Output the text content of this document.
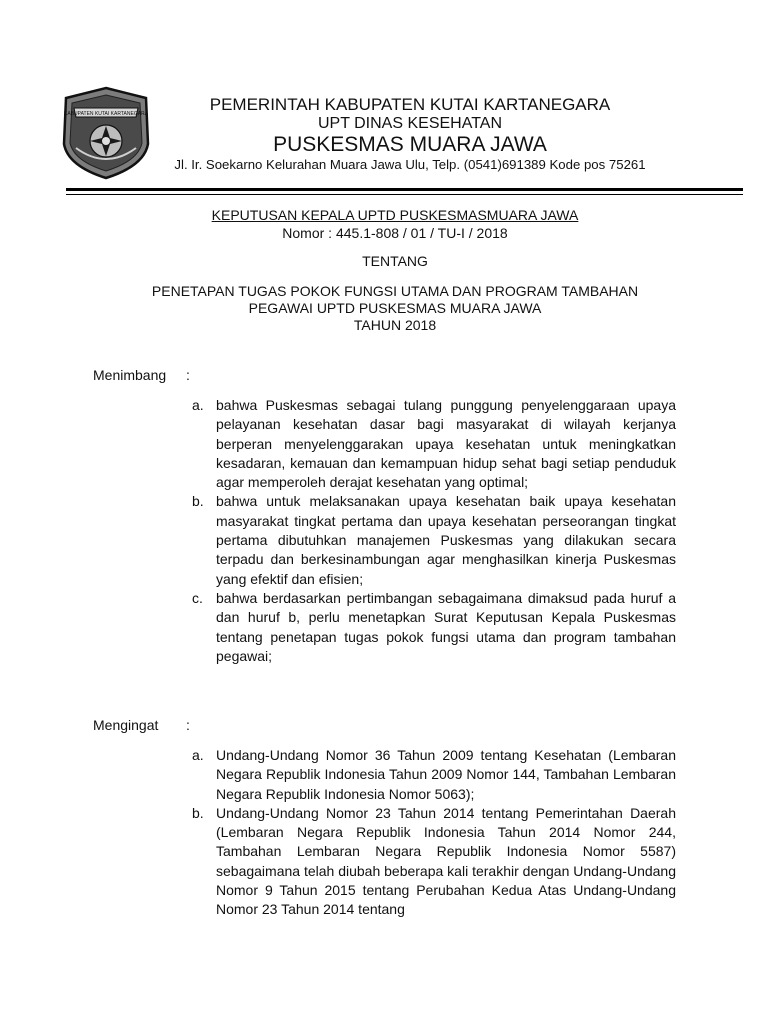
KABUPATEN KUTAI KARTANEGARA	PEMERINTAH KABUPATEN KUTAI KARTANEGARA
UPT DINAS KESEHATAN
PUSKESMAS MUARA JAWA
Jl. Ir. Soekarno Kelurahan Muara Jawa Ulu, Telp. (0541)691389 Kode pos 75261
KEPUTUSAN KEPALA UPTD PUSKESMASMUARA JAWA
Nomor : 445.1-808 / 01 / TU-I / 2018
TENTANG
PENETAPAN TUGAS POKOK FUNGSI UTAMA DAN PROGRAM TAMBAHAN
PEGAWAI UPTD PUSKESMAS MUARA JAWA
TAHUN 2018
Menimbang :
a. bahwa Puskesmas sebagai tulang punggung penyelenggaraan upaya pelayanan kesehatan dasar bagi masyarakat di wilayah kerjanya berperan menyelenggarakan upaya kesehatan untuk meningkatkan kesadaran, kemauan dan kemampuan hidup sehat bagi setiap penduduk agar memperoleh derajat kesehatan yang optimal;
b. bahwa untuk melaksanakan upaya kesehatan baik upaya kesehatan masyarakat tingkat pertama dan upaya kesehatan perseorangan tingkat pertama dibutuhkan manajemen Puskesmas yang dilakukan secara terpadu dan berkesinambungan agar menghasilkan kinerja Puskesmas yang efektif dan efisien;
c. bahwa berdasarkan pertimbangan sebagaimana dimaksud pada huruf a dan huruf b, perlu menetapkan Surat Keputusan Kepala Puskesmas tentang penetapan tugas pokok fungsi utama dan program tambahan pegawai;
Mengingat :
a. Undang-Undang Nomor 36 Tahun 2009 tentang Kesehatan (Lembaran Negara Republik Indonesia Tahun 2009 Nomor 144, Tambahan Lembaran Negara Republik Indonesia Nomor 5063);
b. Undang-Undang Nomor 23 Tahun 2014 tentang Pemerintahan Daerah (Lembaran Negara Republik Indonesia Tahun 2014 Nomor 244, Tambahan Lembaran Negara Republik Indonesia Nomor 5587) sebagaimana telah diubah beberapa kali terakhir dengan Undang-Undang Nomor 9 Tahun 2015 tentang Perubahan Kedua Atas Undang-Undang Nomor 23 Tahun 2014 tentang
